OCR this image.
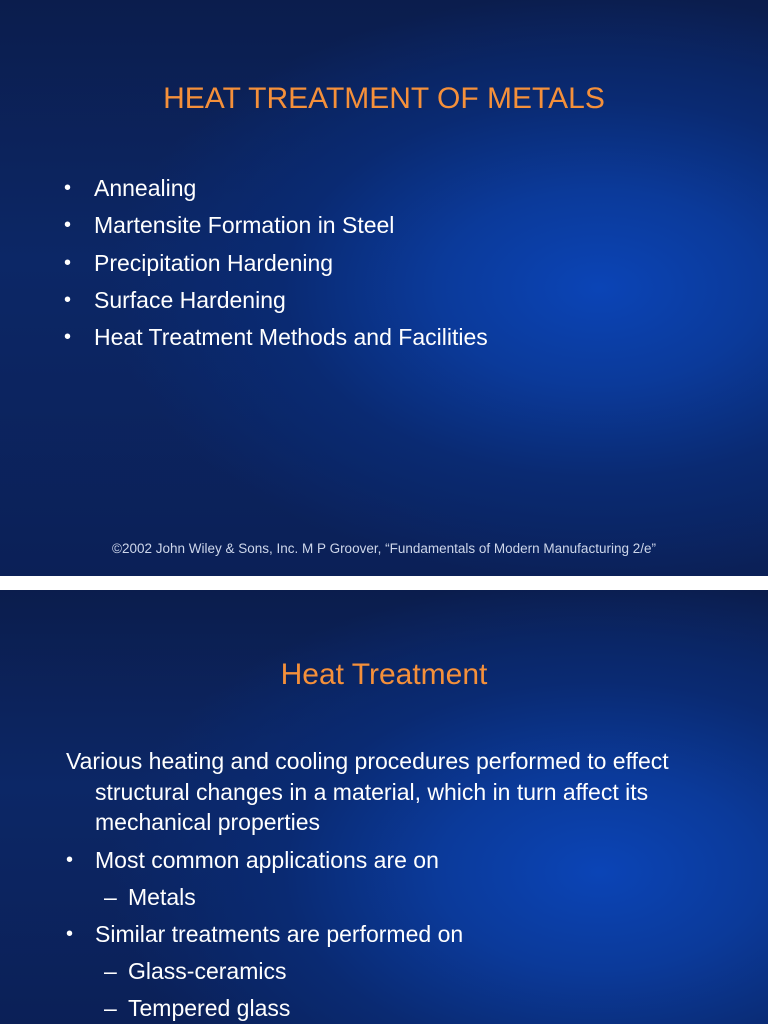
HEAT TREATMENT OF METALS
• Annealing
• Martensite Formation in Steel
• Precipitation Hardening
• Surface Hardening
• Heat Treatment Methods and Facilities
©2002 John Wiley & Sons, Inc. M P Groover, “Fundamentals of Modern Manufacturing 2/e”
Heat Treatment

Various heating and cooling procedures performed to effect structural changes in a material, which in turn affect its mechanical properties

• Most common applications are on
– Metals
• Similar treatments are performed on
– Glass-ceramics
– Tempered glass
